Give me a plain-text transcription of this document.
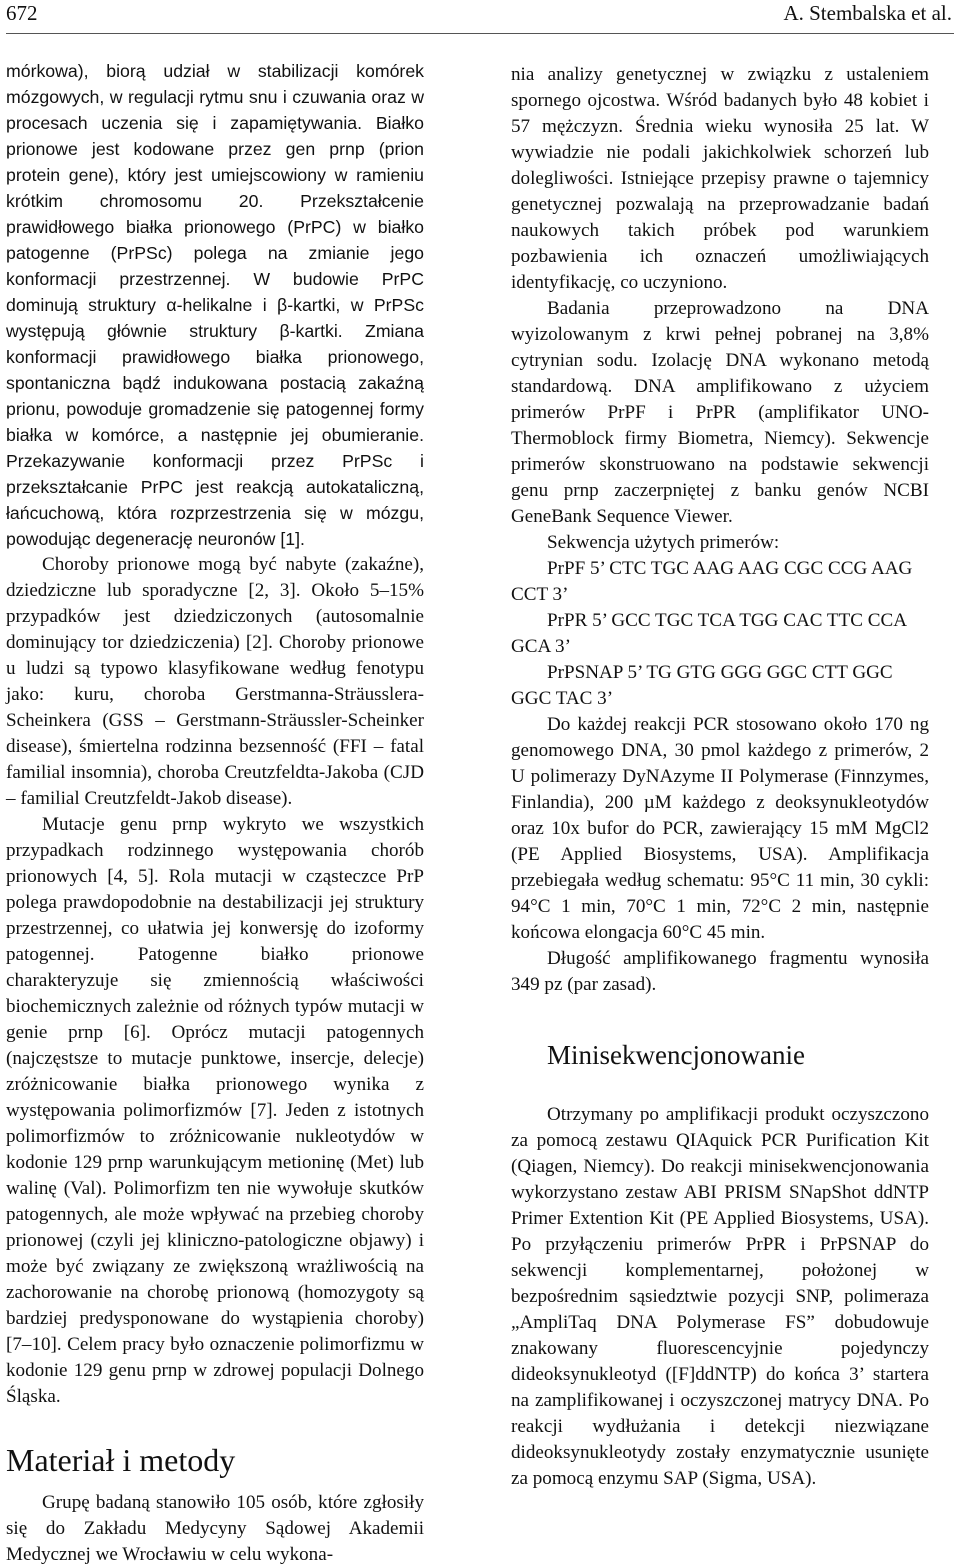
672	A. Stembalska et al.

mórkowa), biorą udział w stabilizacji komórek mózgowych, w regulacji rytmu snu i czuwania oraz w procesach uczenia się i zapamiętywania. Białko prionowe jest kodowane przez gen prnp (prion protein gene), który jest umiejscowiony w ramieniu krótkim chromosomu 20. Przekształcenie prawidłowego białka prionowego (PrPC) w białko patogenne (PrPSc) polega na zmianie jego konformacji przestrzennej. W budowie PrPC dominują struktury α-helikalne i β-kartki, w PrPSc występują głównie struktury β-kartki. Zmiana konformacji prawidłowego białka prionowego, spontaniczna bądź indukowana postacią zakaźną prionu, powoduje gromadzenie się patogennej formy białka w komórce, a następnie jej obumieranie. Przekazywanie konformacji przez PrPSc i przekształcanie PrPC jest reakcją autokataliczną, łańcuchową, która rozprzestrzenia się w mózgu, powodując degenerację neuronów [1].

Choroby prionowe mogą być nabyte (zakaźne), dziedziczne lub sporadyczne [2, 3]. Około 5–15% przypadków jest dziedziczonych (autosomalnie dominujący tor dziedziczenia) [2]. Choroby prionowe u ludzi są typowo klasyfikowane według fenotypu jako: kuru, choroba Gerstmanna-Sträusslera-Scheinkera (GSS – Gerstmann-Sträussler-Scheinker disease), śmiertelna rodzinna bezsenność (FFI – fatal familial insomnia), choroba Creutzfeldta-Jakoba (CJD – familial Creutzfeldt-Jakob disease).

Mutacje genu prnp wykryto we wszystkich przypadkach rodzinnego występowania chorób prionowych [4, 5]. Rola mutacji w cząsteczce PrP polega prawdopodobnie na destabilizacji jej struktury przestrzennej, co ułatwia jej konwersję do izoformy patogennej. Patogenne białko prionowe charakteryzuje się zmiennością właściwości biochemicznych zależnie od różnych typów mutacji w genie prnp [6]. Oprócz mutacji patogennych (najczęstsze to mutacje punktowe, insercje, delecje) zróżnicowanie białka prionowego wynika z występowania polimorfizmów [7]. Jeden z istotnych polimorfizmów to zróżnicowanie nukleotydów w kodonie 129 prnp warunkującym metioninę (Met) lub walinę (Val). Polimorfizm ten nie wywołuje skutków patogennych, ale może wpływać na przebieg choroby prionowej (czyli jej kliniczno-patologiczne objawy) i może być związany ze zwiększoną wrażliwością na zachorowanie na chorobę prionową (homozygoty są bardziej predysponowane do wystąpienia choroby) [7–10]. Celem pracy było oznaczenie polimorfizmu w kodonie 129 genu prnp w zdrowej populacji Dolnego Śląska.

Materiał i metody

Grupę badaną stanowiło 105 osób, które zgłosiły się do Zakładu Medycyny Sądowej Akademii Medycznej we Wrocławiu w celu wykona-

nia analizy genetycznej w związku z ustaleniem spornego ojcostwa. Wśród badanych było 48 kobiet i 57 mężczyzn. Średnia wieku wynosiła 25 lat. W wywiadzie nie podali jakichkolwiek schorzeń lub dolegliwości. Istniejące przepisy prawne o tajemnicy genetycznej pozwalają na przeprowadzanie badań naukowych takich próbek pod warunkiem pozbawienia ich oznaczeń umożliwiających identyfikację, co uczyniono.

Badania przeprowadzono na DNA wyizolowanym z krwi pełnej pobranej na 3,8% cytrynian sodu. Izolację DNA wykonano metodą standardową. DNA amplifikowano z użyciem primerów PrPF i PrPR (amplifikator UNO-Thermoblock firmy Biometra, Niemcy). Sekwencje primerów skonstruowano na podstawie sekwencji genu prnp zaczerpniętej z banku genów NCBI GeneBank Sequence Viewer.

Sekwencja użytych primerów:

PrPF 5’ CTC TGC AAG AAG CGC CCG AAG CCT 3’

PrPR 5’ GCC TGC TCA TGG CAC TTC CCA GCA 3’

PrPSNAP 5’ TG GTG GGG GGC CTT GGC GGC TAC 3’

Do każdej reakcji PCR stosowano około 170 ng genomowego DNA, 30 pmol każdego z primerów, 2 U polimerazy DyNAzyme II Polymerase (Finnzymes, Finlandia), 200 µM każdego z deoksynukleotydów oraz 10x bufor do PCR, zawierający 15 mM MgCl2 (PE Applied Biosystems, USA). Amplifikacja przebiegała według schematu: 95°C 11 min, 30 cykli: 94°C 1 min, 70°C 1 min, 72°C 2 min, następnie końcowa elongacja 60°C 45 min.

Długość amplifikowanego fragmentu wynosiła 349 pz (par zasad).

Minisekwencjonowanie

Otrzymany po amplifikacji produkt oczyszczono za pomocą zestawu QIAquick PCR Purification Kit (Qiagen, Niemcy). Do reakcji minisekwencjonowania wykorzystano zestaw ABI PRISM SNapShot ddNTP Primer Extention Kit (PE Applied Biosystems, USA). Po przyłączeniu primerów PrPR i PrPSNAP do sekwencji komplementarnej, położonej w bezpośrednim sąsiedztwie pozycji SNP, polimeraza „AmpliTaq DNA Polymerase FS” dobudowuje znakowany fluorescencyjnie pojedynczy dideoksynukleotyd ([F]ddNTP) do końca 3’ startera na zamplifikowanej i oczyszczonej matrycy DNA. Po reakcji wydłużania i detekcji niezwiązane dideoksynukleotydy zostały enzymatycznie usunięte za pomocą enzymu SAP (Sigma, USA).
